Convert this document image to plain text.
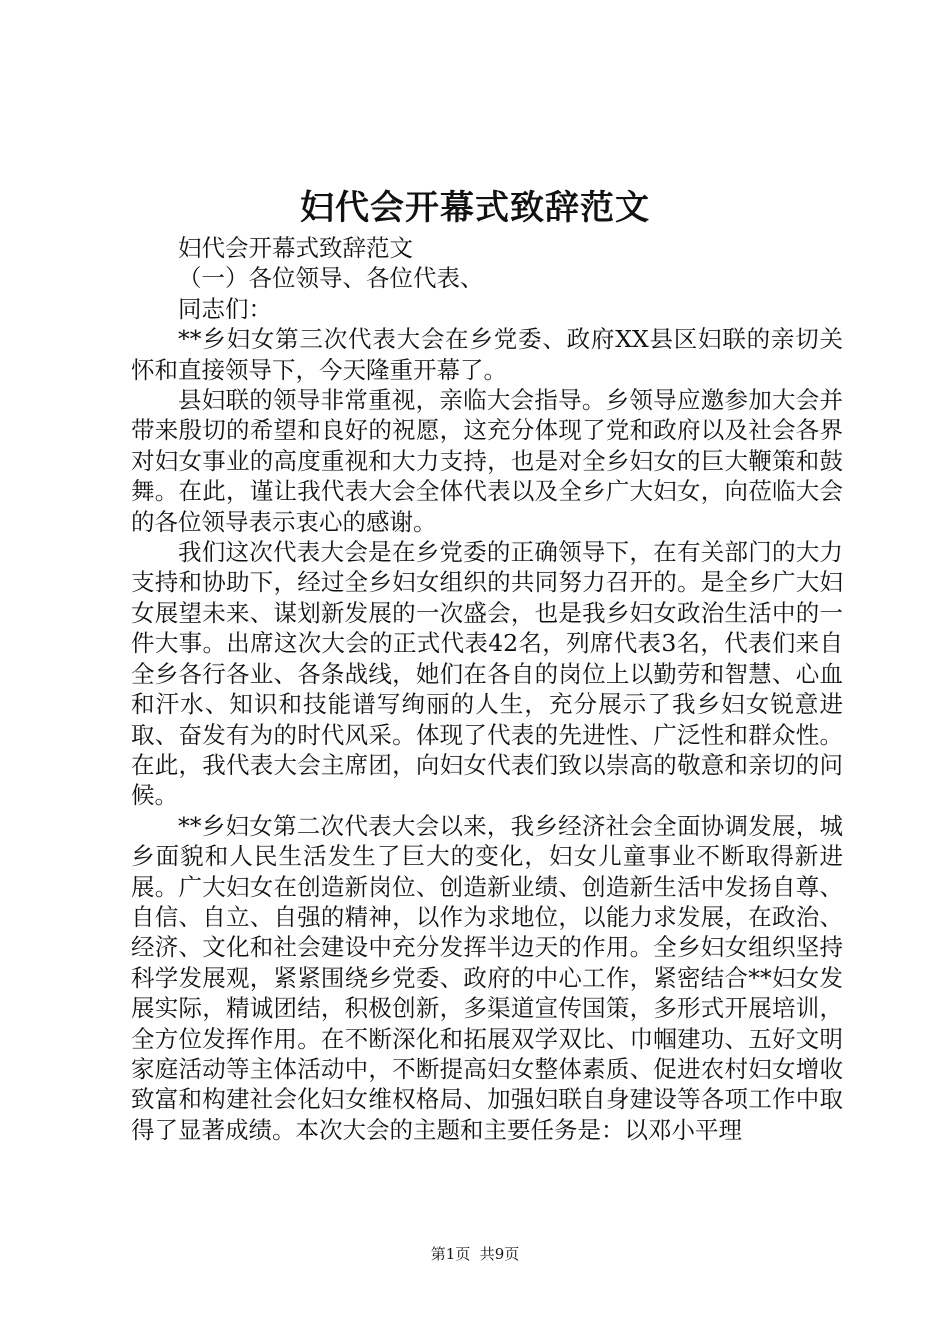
妇代会开幕式致辞范文

妇代会开幕式致辞范文

（一）各位领导、各位代表、

同志们：

**乡妇女第三次代表大会在乡党委、政府XX县区妇联的亲切关怀和直接领导下，今天隆重开幕了。

县妇联的领导非常重视，亲临大会指导。乡领导应邀参加大会并带来殷切的希望和良好的祝愿，这充分体现了党和政府以及社会各界对妇女事业的高度重视和大力支持，也是对全乡妇女的巨大鞭策和鼓舞。在此，谨让我代表大会全体代表以及全乡广大妇女，向莅临大会的各位领导表示衷心的感谢。

我们这次代表大会是在乡党委的正确领导下，在有关部门的大力支持和协助下，经过全乡妇女组织的共同努力召开的。是全乡广大妇女展望未来、谋划新发展的一次盛会，也是我乡妇女政治生活中的一件大事。出席这次大会的正式代表42名，列席代表3名，代表们来自全乡各行各业、各条战线，她们在各自的岗位上以勤劳和智慧、心血和汗水、知识和技能谱写绚丽的人生，充分展示了我乡妇女锐意进取、奋发有为的时代风采。体现了代表的先进性、广泛性和群众性。在此，我代表大会主席团，向妇女代表们致以崇高的敬意和亲切的问候。

**乡妇女第二次代表大会以来，我乡经济社会全面协调发展，城乡面貌和人民生活发生了巨大的变化，妇女儿童事业不断取得新进展。广大妇女在创造新岗位、创造新业绩、创造新生活中发扬自尊、自信、自立、自强的精神，以作为求地位，以能力求发展，在政治、经济、文化和社会建设中充分发挥半边天的作用。全乡妇女组织坚持科学发展观，紧紧围绕乡党委、政府的中心工作，紧密结合**妇女发展实际，精诚团结，积极创新，多渠道宣传国策，多形式开展培训，全方位发挥作用。在不断深化和拓展双学双比、巾帼建功、五好文明家庭活动等主体活动中，不断提高妇女整体素质、促进农村妇女增收致富和构建社会化妇女维权格局、加强妇联自身建设等各项工作中取得了显著成绩。本次大会的主题和主要任务是：以邓小平理

第1页  共9页
